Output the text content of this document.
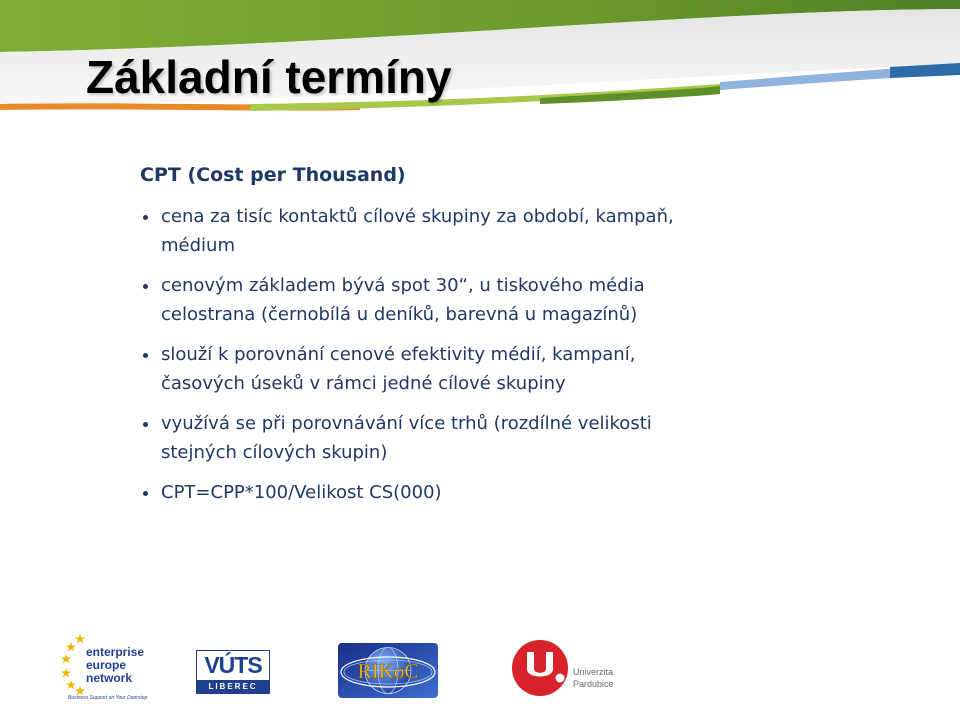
Základní termíny
CPT (Cost per Thousand)
cena za tisíc kontaktů cílové skupiny za období, kampaň,
médium
cenovým základem bývá spot 30“, u tiskového média
celostrana (černobílá u deníků, barevná u magazínů)
slouží k porovnání cenové efektivity médií, kampaní,
časových úseků v rámci jedné cílové skupiny
využívá se při porovnávání více trhů (rozdílné velikosti
stejných cílových skupin)
CPT=CPP*100/Velikost CS(000)
enterprise
europe
network
Business Support on Your Doorstep
VÚTS
LIBEREC
RIKoC	Univerzita
Pardubice
